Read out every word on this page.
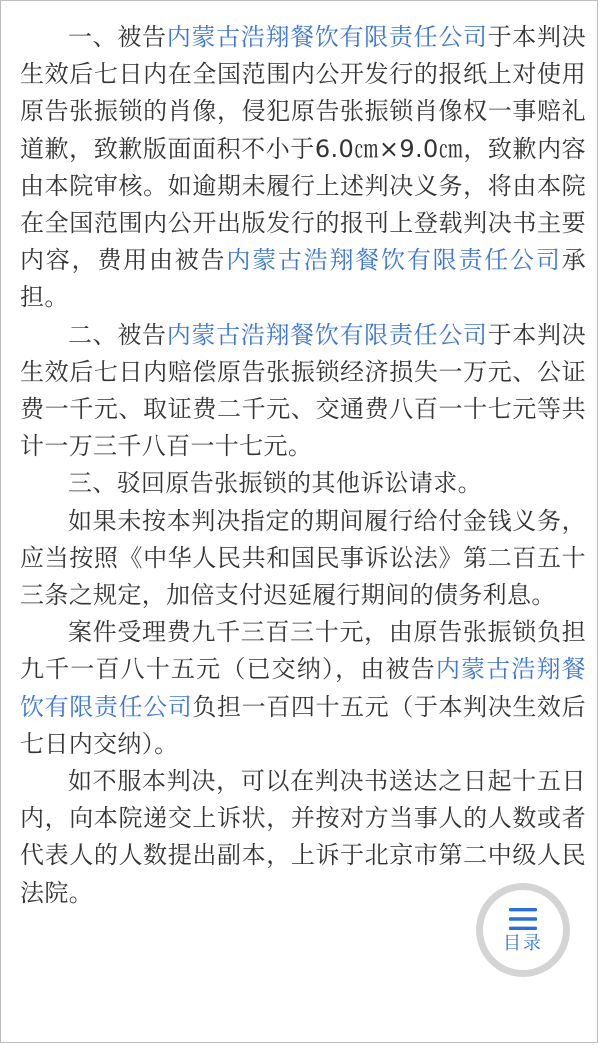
一、被告内蒙古浩翔餐饮有限责任公司于本判决生效后七日内在全国范围内公开发行的报纸上对使用原告张振锁的肖像，侵犯原告张振锁肖像权一事赔礼道歉，致歉版面面积不小于6.0㎝×9.0㎝，致歉内容由本院审核。如逾期未履行上述判决义务，将由本院在全国范围内公开出版发行的报刊上登载判决书主要内容，费用由被告内蒙古浩翔餐饮有限责任公司承担。

二、被告内蒙古浩翔餐饮有限责任公司于本判决生效后七日内赔偿原告张振锁经济损失一万元、公证费一千元、取证费二千元、交通费八百一十七元等共计一万三千八百一十七元。

三、驳回原告张振锁的其他诉讼请求。

如果未按本判决指定的期间履行给付金钱义务，应当按照《中华人民共和国民事诉讼法》第二百五十三条之规定，加倍支付迟延履行期间的债务利息。

案件受理费九千三百三十元，由原告张振锁负担九千一百八十五元（已交纳），由被告内蒙古浩翔餐饮有限责任公司负担一百四十五元（于本判决生效后七日内交纳）。

如不服本判决，可以在判决书送达之日起十五日内，向本院递交上诉状，并按对方当事人的人数或者代表人的人数提出副本，上诉于北京市第二中级人民法院。

目录
